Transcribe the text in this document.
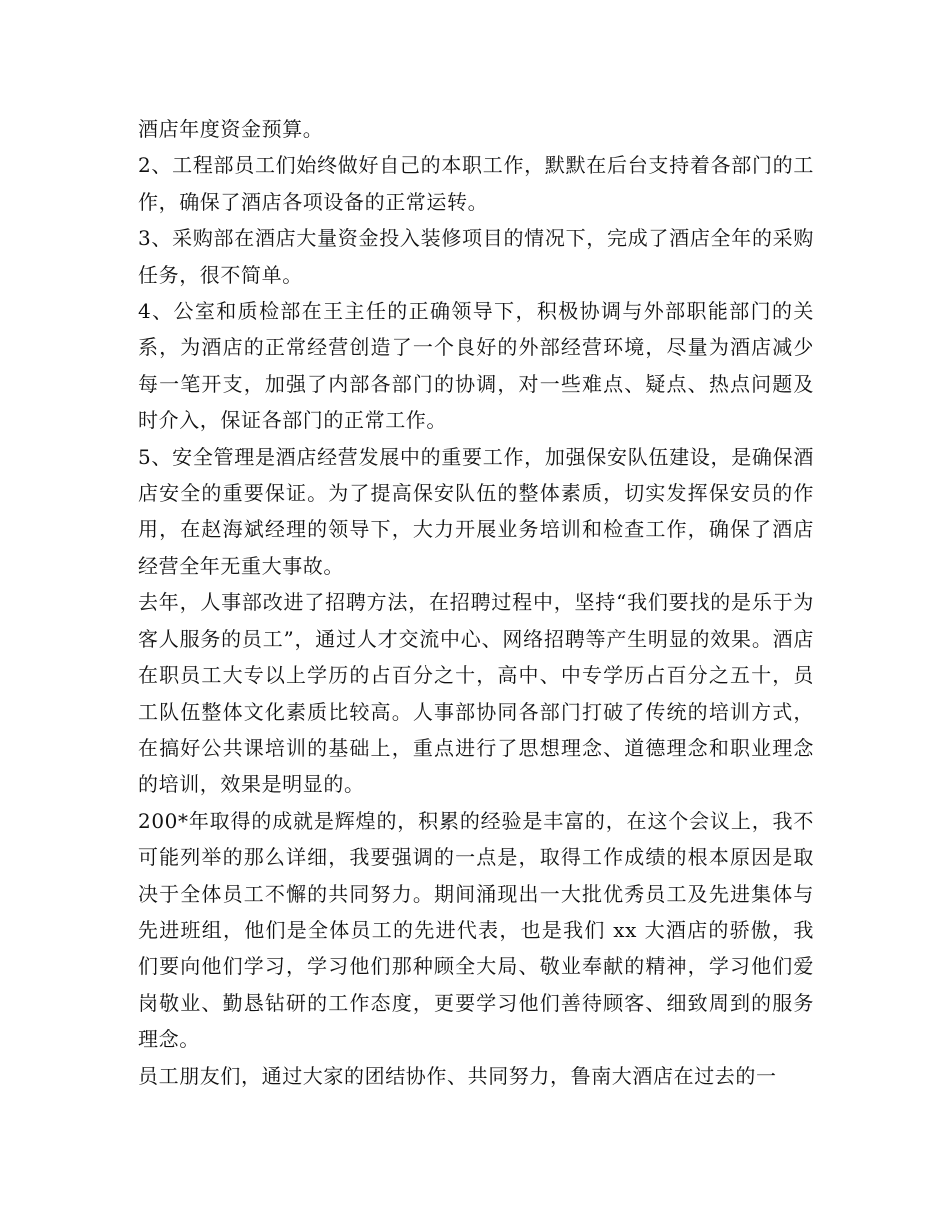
酒店年度资金预算。

2、工程部员工们始终做好自己的本职工作，默默在后台支持着各部门的工作，确保了酒店各项设备的正常运转。

3、采购部在酒店大量资金投入装修项目的情况下，完成了酒店全年的采购任务，很不简单。

4、公室和质检部在王主任的正确领导下，积极协调与外部职能部门的关系，为酒店的正常经营创造了一个良好的外部经营环境，尽量为酒店减少每一笔开支，加强了内部各部门的协调，对一些难点、疑点、热点问题及时介入，保证各部门的正常工作。

5、安全管理是酒店经营发展中的重要工作，加强保安队伍建设，是确保酒店安全的重要保证。为了提高保安队伍的整体素质，切实发挥保安员的作用，在赵海斌经理的领导下，大力开展业务培训和检查工作，确保了酒店经营全年无重大事故。

去年，人事部改进了招聘方法，在招聘过程中，坚持“我们要找的是乐于为客人服务的员工”，通过人才交流中心、网络招聘等产生明显的效果。酒店在职员工大专以上学历的占百分之十，高中、中专学历占百分之五十，员工队伍整体文化素质比较高。人事部协同各部门打破了传统的培训方式，在搞好公共课培训的基础上，重点进行了思想理念、道德理念和职业理念的培训，效果是明显的。

200*年取得的成就是辉煌的，积累的经验是丰富的，在这个会议上，我不可能列举的那么详细，我要强调的一点是，取得工作成绩的根本原因是取决于全体员工不懈的共同努力。期间涌现出一大批优秀员工及先进集体与先进班组，他们是全体员工的先进代表，也是我们 xx 大酒店的骄傲，我们要向他们学习，学习他们那种顾全大局、敬业奉献的精神，学习他们爱岗敬业、勤恳钻研的工作态度，更要学习他们善待顾客、细致周到的服务理念。

员工朋友们，通过大家的团结协作、共同努力，鲁南大酒店在过去的一
